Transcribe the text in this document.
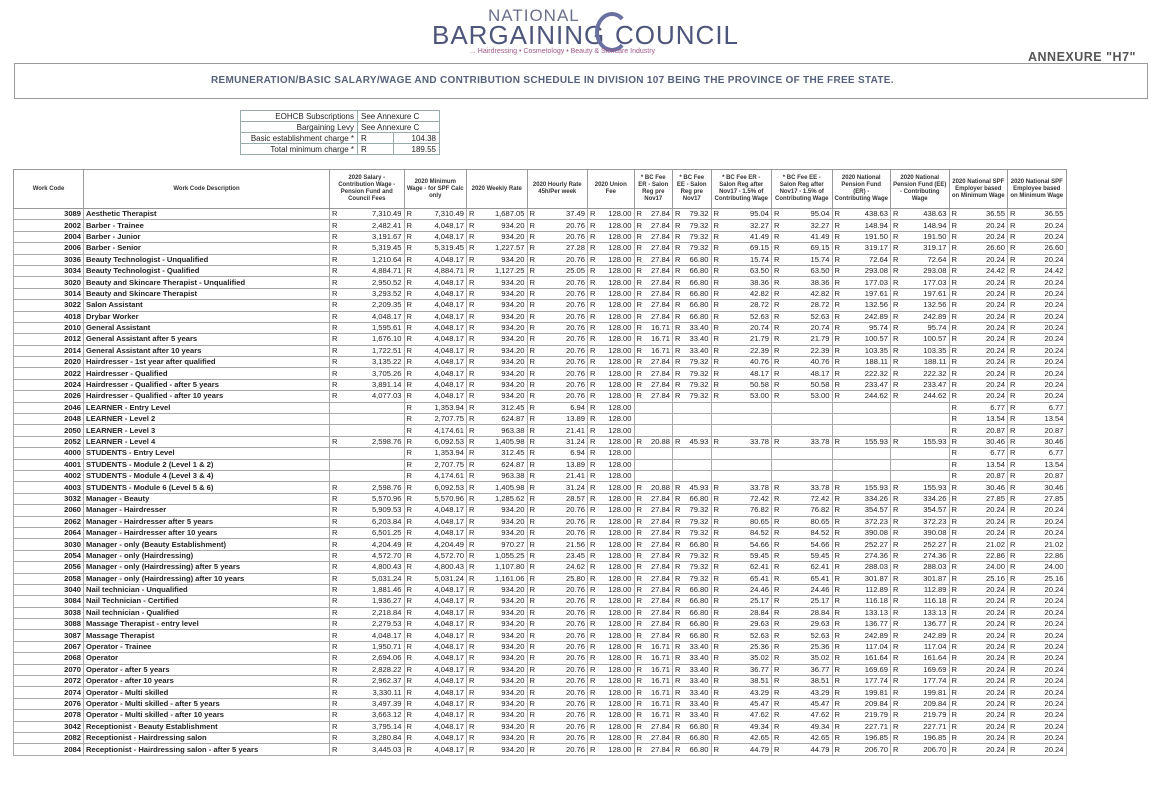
NATIONAL
BARGAINING COUNCIL
... Hairdressing • Cosmetology • Beauty & Skincare Industry	ANNEXURE "H7"
REMUNERATION/BASIC SALARY/WAGE AND CONTRIBUTION SCHEDULE IN DIVISION 107 BEING THE PROVINCE OF THE FREE STATE.
EOHCB Subscriptions	See Annexure C	
Bargaining Levy	See Annexure C	
Basic establishment charge *	R	104.38
Total minimum charge *	R	189.55
Work Code	Work Code Description	2020 Salary - Contribution Wage - Pension Fund and Council Fees		2020 Minimum Wage - for SPF Calc only		2020 Weekly Rate		2020 Hourly Rate 45h/Per week		2020 Union Fee		* BC Fee ER - Salon Reg pre Nov17		* BC Fee EE - Salon Reg pre Nov17		* BC Fee ER - Salon Reg after Nov17 - 1.5% of Contributing Wage		* BC Fee EE - Salon Reg after Nov17 - 1.5% of Contributing Wage		2020 National Pension Fund (ER) - Contributing Wage		2020 National Pension Fund (EE) - Contributing Wage		2020 National SPF Employer based on Minimum Wage		2020 National SPF Employee based on Minimum Wage	
3089	Aesthetic Therapist	R	7,310.49	R	7,310.49	R	1,687.05	R	37.49	R	128.00	R	27.84	R	79.32	R	95.04	R	95.04	R	438.63	R	438.63	R	36.55	R	36.55
2002	Barber - Trainee	R	2,482.41	R	4,048.17	R	934.20	R	20.76	R	128.00	R	27.84	R	79.32	R	32.27	R	32.27	R	148.94	R	148.94	R	20.24	R	20.24
2004	Barber - Junior	R	3,191.67	R	4,048.17	R	934.20	R	20.76	R	128.00	R	27.84	R	79.32	R	41.49	R	41.49	R	191.50	R	191.50	R	20.24	R	20.24
2006	Barber - Senior	R	5,319.45	R	5,319.45	R	1,227.57	R	27.28	R	128.00	R	27.84	R	79.32	R	69.15	R	69.15	R	319.17	R	319.17	R	26.60	R	26.60
3036	Beauty Technologist - Unqualified	R	1,210.64	R	4,048.17	R	934.20	R	20.76	R	128.00	R	27.84	R	66.80	R	15.74	R	15.74	R	72.64	R	72.64	R	20.24	R	20.24
3034	Beauty Technologist - Qualified	R	4,884.71	R	4,884.71	R	1,127.25	R	25.05	R	128.00	R	27.84	R	66.80	R	63.50	R	63.50	R	293.08	R	293.08	R	24.42	R	24.42
3020	Beauty and Skincare Therapist - Unqualified	R	2,950.52	R	4,048.17	R	934.20	R	20.76	R	128.00	R	27.84	R	66.80	R	38.36	R	38.36	R	177.03	R	177.03	R	20.24	R	20.24
3014	Beauty and Skincare Therapist	R	3,293.52	R	4,048.17	R	934.20	R	20.76	R	128.00	R	27.84	R	66.80	R	42.82	R	42.82	R	197.61	R	197.61	R	20.24	R	20.24
3022	Salon Assistant	R	2,209.35	R	4,048.17	R	934.20	R	20.76	R	128.00	R	27.84	R	66.80	R	28.72	R	28.72	R	132.56	R	132.56	R	20.24	R	20.24
4018	Drybar Worker	R	4,048.17	R	4,048.17	R	934.20	R	20.76	R	128.00	R	27.84	R	66.80	R	52.63	R	52.63	R	242.89	R	242.89	R	20.24	R	20.24
2010	General Assistant	R	1,595.61	R	4,048.17	R	934.20	R	20.76	R	128.00	R	16.71	R	33.40	R	20.74	R	20.74	R	95.74	R	95.74	R	20.24	R	20.24
2012	General Assistant after 5 years	R	1,676.10	R	4,048.17	R	934.20	R	20.76	R	128.00	R	16.71	R	33.40	R	21.79	R	21.79	R	100.57	R	100.57	R	20.24	R	20.24
2014	General Assistant after 10 years	R	1,722.51	R	4,048.17	R	934.20	R	20.76	R	128.00	R	16.71	R	33.40	R	22.39	R	22.39	R	103.35	R	103.35	R	20.24	R	20.24
2020	Hairdresser - 1st year after qualified	R	3,135.22	R	4,048.17	R	934.20	R	20.76	R	128.00	R	27.84	R	79.32	R	40.76	R	40.76	R	188.11	R	188.11	R	20.24	R	20.24
2022	Hairdresser - Qualified	R	3,705.26	R	4,048.17	R	934.20	R	20.76	R	128.00	R	27.84	R	79.32	R	48.17	R	48.17	R	222.32	R	222.32	R	20.24	R	20.24
2024	Hairdresser - Qualified - after 5 years	R	3,891.14	R	4,048.17	R	934.20	R	20.76	R	128.00	R	27.84	R	79.32	R	50.58	R	50.58	R	233.47	R	233.47	R	20.24	R	20.24
2026	Hairdresser - Qualified - after 10 years	R	4,077.03	R	4,048.17	R	934.20	R	20.76	R	128.00	R	27.84	R	79.32	R	53.00	R	53.00	R	244.62	R	244.62	R	20.24	R	20.24
2046	LEARNER - Entry Level			R	1,353.94	R	312.45	R	6.94	R	128.00													R	6.77	R	6.77
2048	LEARNER - Level 2			R	2,707.75	R	624.87	R	13.89	R	128.00													R	13.54	R	13.54
2050	LEARNER - Level 3			R	4,174.61	R	963.38	R	21.41	R	128.00													R	20.87	R	20.87
2052	LEARNER - Level 4	R	2,598.76	R	6,092.53	R	1,405.98	R	31.24	R	128.00	R	20.88	R	45.93	R	33.78	R	33.78	R	155.93	R	155.93	R	30.46	R	30.46
4000	STUDENTS - Entry Level			R	1,353.94	R	312.45	R	6.94	R	128.00													R	6.77	R	6.77
4001	STUDENTS - Module 2 (Level 1 & 2)			R	2,707.75	R	624.87	R	13.89	R	128.00													R	13.54	R	13.54
4002	STUDENTS - Module 4 (Level 3 & 4)			R	4,174.61	R	963.38	R	21.41	R	128.00													R	20.87	R	20.87
4003	STUDENTS - Module 6 (Level 5 & 6)	R	2,598.76	R	6,092.53	R	1,405.98	R	31.24	R	128.00	R	20.88	R	45.93	R	33.78	R	33.78	R	155.93	R	155.93	R	30.46	R	30.46
3032	Manager - Beauty	R	5,570.96	R	5,570.96	R	1,285.62	R	28.57	R	128.00	R	27.84	R	66.80	R	72.42	R	72.42	R	334.26	R	334.26	R	27.85	R	27.85
2060	Manager - Hairdresser	R	5,909.53	R	4,048.17	R	934.20	R	20.76	R	128.00	R	27.84	R	79.32	R	76.82	R	76.82	R	354.57	R	354.57	R	20.24	R	20.24
2062	Manager - Hairdresser after 5 years	R	6,203.84	R	4,048.17	R	934.20	R	20.76	R	128.00	R	27.84	R	79.32	R	80.65	R	80.65	R	372.23	R	372.23	R	20.24	R	20.24
2064	Manager - Hairdresser after 10 years	R	6,501.25	R	4,048.17	R	934.20	R	20.76	R	128.00	R	27.84	R	79.32	R	84.52	R	84.52	R	390.08	R	390.08	R	20.24	R	20.24
3030	Manager - only (Beauty Establishment)	R	4,204.49	R	4,204.49	R	970.27	R	21.56	R	128.00	R	27.84	R	66.80	R	54.66	R	54.66	R	252.27	R	252.27	R	21.02	R	21.02
2054	Manager - only (Hairdressing)	R	4,572.70	R	4,572.70	R	1,055.25	R	23.45	R	128.00	R	27.84	R	79.32	R	59.45	R	59.45	R	274.36	R	274.36	R	22.86	R	22.86
2056	Manager - only (Hairdressing) after 5 years	R	4,800.43	R	4,800.43	R	1,107.80	R	24.62	R	128.00	R	27.84	R	79.32	R	62.41	R	62.41	R	288.03	R	288.03	R	24.00	R	24.00
2058	Manager - only (Hairdressing) after 10 years	R	5,031.24	R	5,031.24	R	1,161.06	R	25.80	R	128.00	R	27.84	R	79.32	R	65.41	R	65.41	R	301.87	R	301.87	R	25.16	R	25.16
3040	Nail technician - Unqualified	R	1,881.46	R	4,048.17	R	934.20	R	20.76	R	128.00	R	27.84	R	66.80	R	24.46	R	24.46	R	112.89	R	112.89	R	20.24	R	20.24
3084	Nail Technician - Certified	R	1,936.27	R	4,048.17	R	934.20	R	20.76	R	128.00	R	27.84	R	66.80	R	25.17	R	25.17	R	116.18	R	116.18	R	20.24	R	20.24
3038	Nail technician - Qualified	R	2,218.84	R	4,048.17	R	934.20	R	20.76	R	128.00	R	27.84	R	66.80	R	28.84	R	28.84	R	133.13	R	133.13	R	20.24	R	20.24
3088	Massage Therapist - entry level	R	2,279.53	R	4,048.17	R	934.20	R	20.76	R	128.00	R	27.84	R	66.80	R	29.63	R	29.63	R	136.77	R	136.77	R	20.24	R	20.24
3087	Massage Therapist	R	4,048.17	R	4,048.17	R	934.20	R	20.76	R	128.00	R	27.84	R	66.80	R	52.63	R	52.63	R	242.89	R	242.89	R	20.24	R	20.24
2067	Operator - Trainee	R	1,950.71	R	4,048.17	R	934.20	R	20.76	R	128.00	R	16.71	R	33.40	R	25.36	R	25.36	R	117.04	R	117.04	R	20.24	R	20.24
2068	Operator	R	2,694.06	R	4,048.17	R	934.20	R	20.76	R	128.00	R	16.71	R	33.40	R	35.02	R	35.02	R	161.64	R	161.64	R	20.24	R	20.24
2070	Operator - after 5 years	R	2,828.22	R	4,048.17	R	934.20	R	20.76	R	128.00	R	16.71	R	33.40	R	36.77	R	36.77	R	169.69	R	169.69	R	20.24	R	20.24
2072	Operator - after 10 years	R	2,962.37	R	4,048.17	R	934.20	R	20.76	R	128.00	R	16.71	R	33.40	R	38.51	R	38.51	R	177.74	R	177.74	R	20.24	R	20.24
2074	Operator - Multi skilled	R	3,330.11	R	4,048.17	R	934.20	R	20.76	R	128.00	R	16.71	R	33.40	R	43.29	R	43.29	R	199.81	R	199.81	R	20.24	R	20.24
2076	Operator - Multi skilled - after 5 years	R	3,497.39	R	4,048.17	R	934.20	R	20.76	R	128.00	R	16.71	R	33.40	R	45.47	R	45.47	R	209.84	R	209.84	R	20.24	R	20.24
2078	Operator - Multi skilled - after 10 years	R	3,663.12	R	4,048.17	R	934.20	R	20.76	R	128.00	R	16.71	R	33.40	R	47.62	R	47.62	R	219.79	R	219.79	R	20.24	R	20.24
3042	Receptionist - Beauty Establishment	R	3,795.14	R	4,048.17	R	934.20	R	20.76	R	128.00	R	27.84	R	66.80	R	49.34	R	49.34	R	227.71	R	227.71	R	20.24	R	20.24
2082	Receptionist - Hairdressing salon	R	3,280.84	R	4,048.17	R	934.20	R	20.76	R	128.00	R	27.84	R	66.80	R	42.65	R	42.65	R	196.85	R	196.85	R	20.24	R	20.24
2084	Receptionist - Hairdressing salon - after 5 years	R	3,445.03	R	4,048.17	R	934.20	R	20.76	R	128.00	R	27.84	R	66.80	R	44.79	R	44.79	R	206.70	R	206.70	R	20.24	R	20.24
